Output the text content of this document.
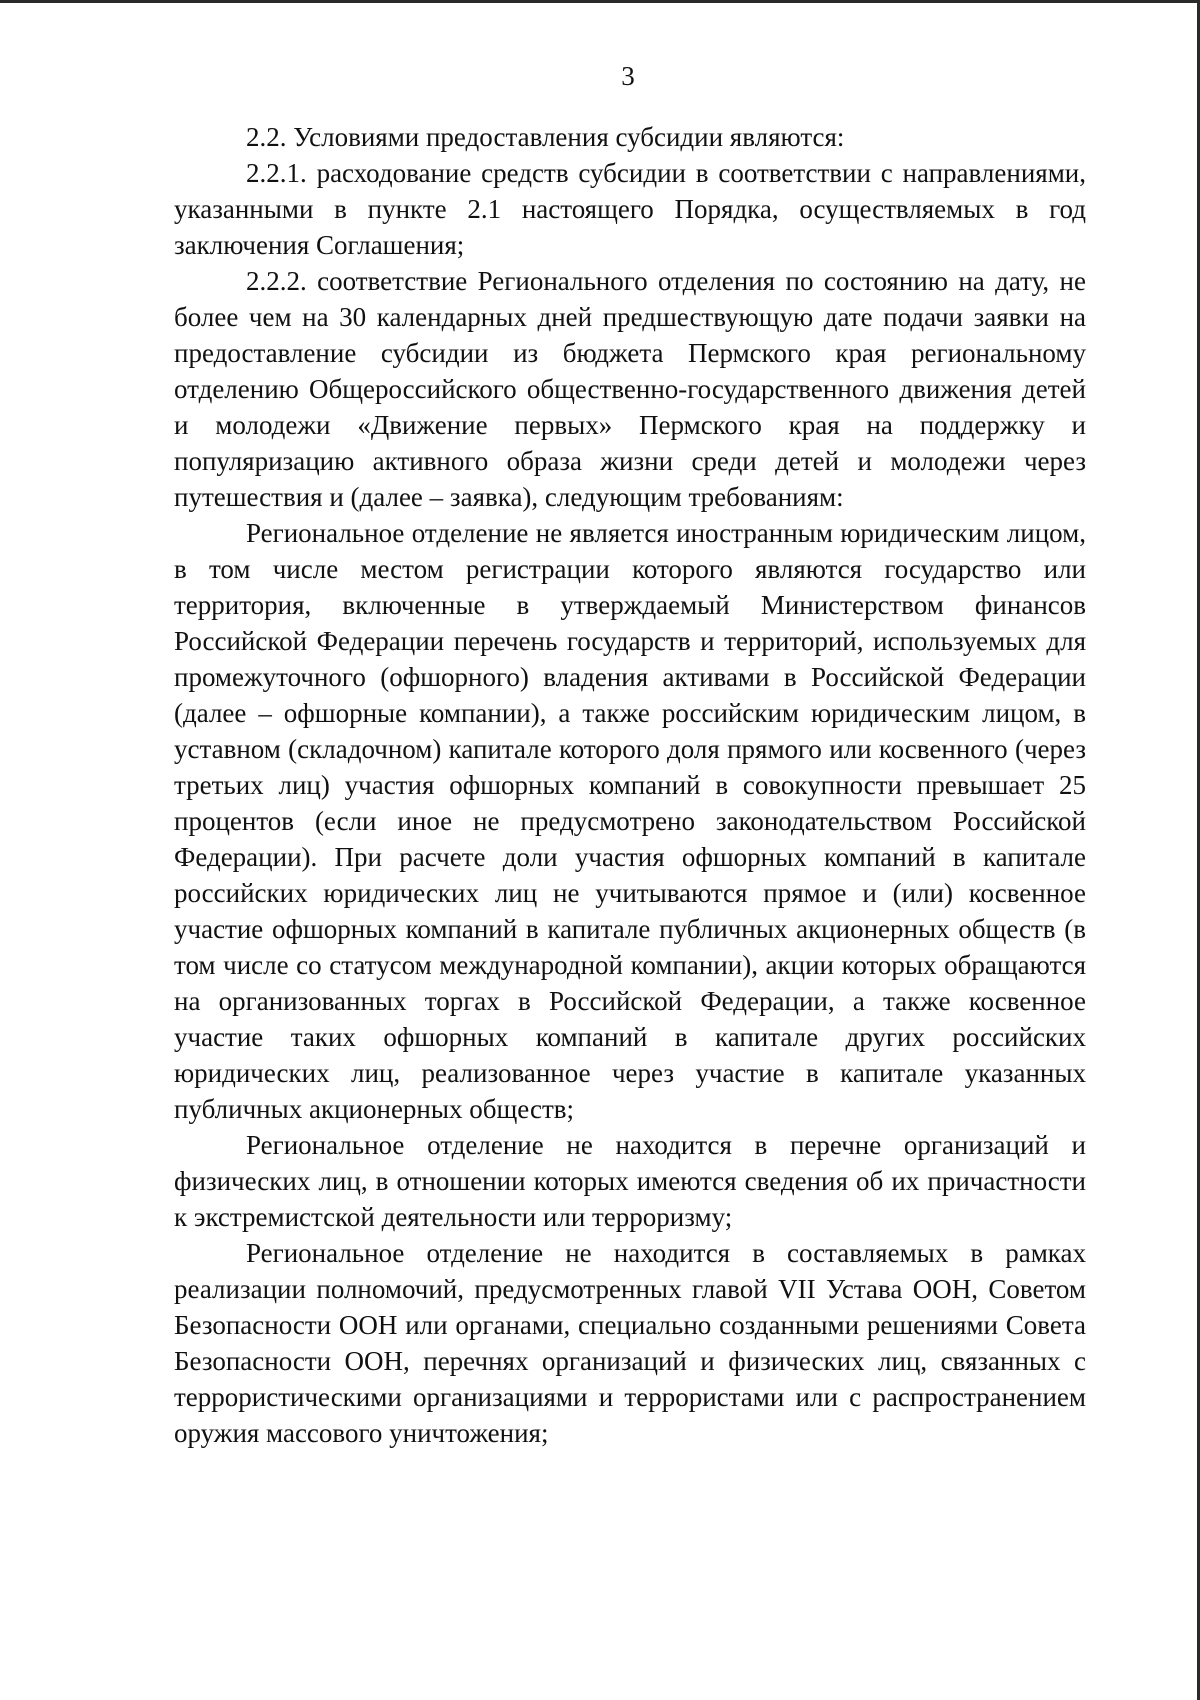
3

2.2. Условиями предоставления субсидии являются:

2.2.1. расходование средств субсидии в соответствии с направлениями, указанными в пункте 2.1 настоящего Порядка, осуществляемых в год заключения Соглашения;

2.2.2. соответствие Регионального отделения по состоянию на дату, не более чем на 30 календарных дней предшествующую дате подачи заявки на предоставление субсидии из бюджета Пермского края региональному отделению Общероссийского общественно-государственного движения детей и молодежи «Движение первых» Пермского края на поддержку и популяризацию активного образа жизни среди детей и молодежи через путешествия и (далее – заявка), следующим требованиям:

Региональное отделение не является иностранным юридическим лицом, в том числе местом регистрации которого являются государство или территория, включенные в утверждаемый Министерством финансов Российской Федерации перечень государств и территорий, используемых для промежуточного (офшорного) владения активами в Российской Федерации (далее – офшорные компании), а также российским юридическим лицом, в уставном (складочном) капитале которого доля прямого или косвенного (через третьих лиц) участия офшорных компаний в совокупности превышает 25 процентов (если иное не предусмотрено законодательством Российской Федерации). При расчете доли участия офшорных компаний в капитале российских юридических лиц не учитываются прямое и (или) косвенное участие офшорных компаний в капитале публичных акционерных обществ (в том числе со статусом международной компании), акции которых обращаются на организованных торгах в Российской Федерации, а также косвенное участие таких офшорных компаний в капитале других российских юридических лиц, реализованное через участие в капитале указанных публичных акционерных обществ;

Региональное отделение не находится в перечне организаций и физических лиц, в отношении которых имеются сведения об их причастности к экстремистской деятельности или терроризму;

Региональное отделение не находится в составляемых в рамках реализации полномочий, предусмотренных главой VII Устава ООН, Советом Безопасности ООН или органами, специально созданными решениями Совета Безопасности ООН, перечнях организаций и физических лиц, связанных с террористическими организациями и террористами или с распространением оружия массового уничтожения;
